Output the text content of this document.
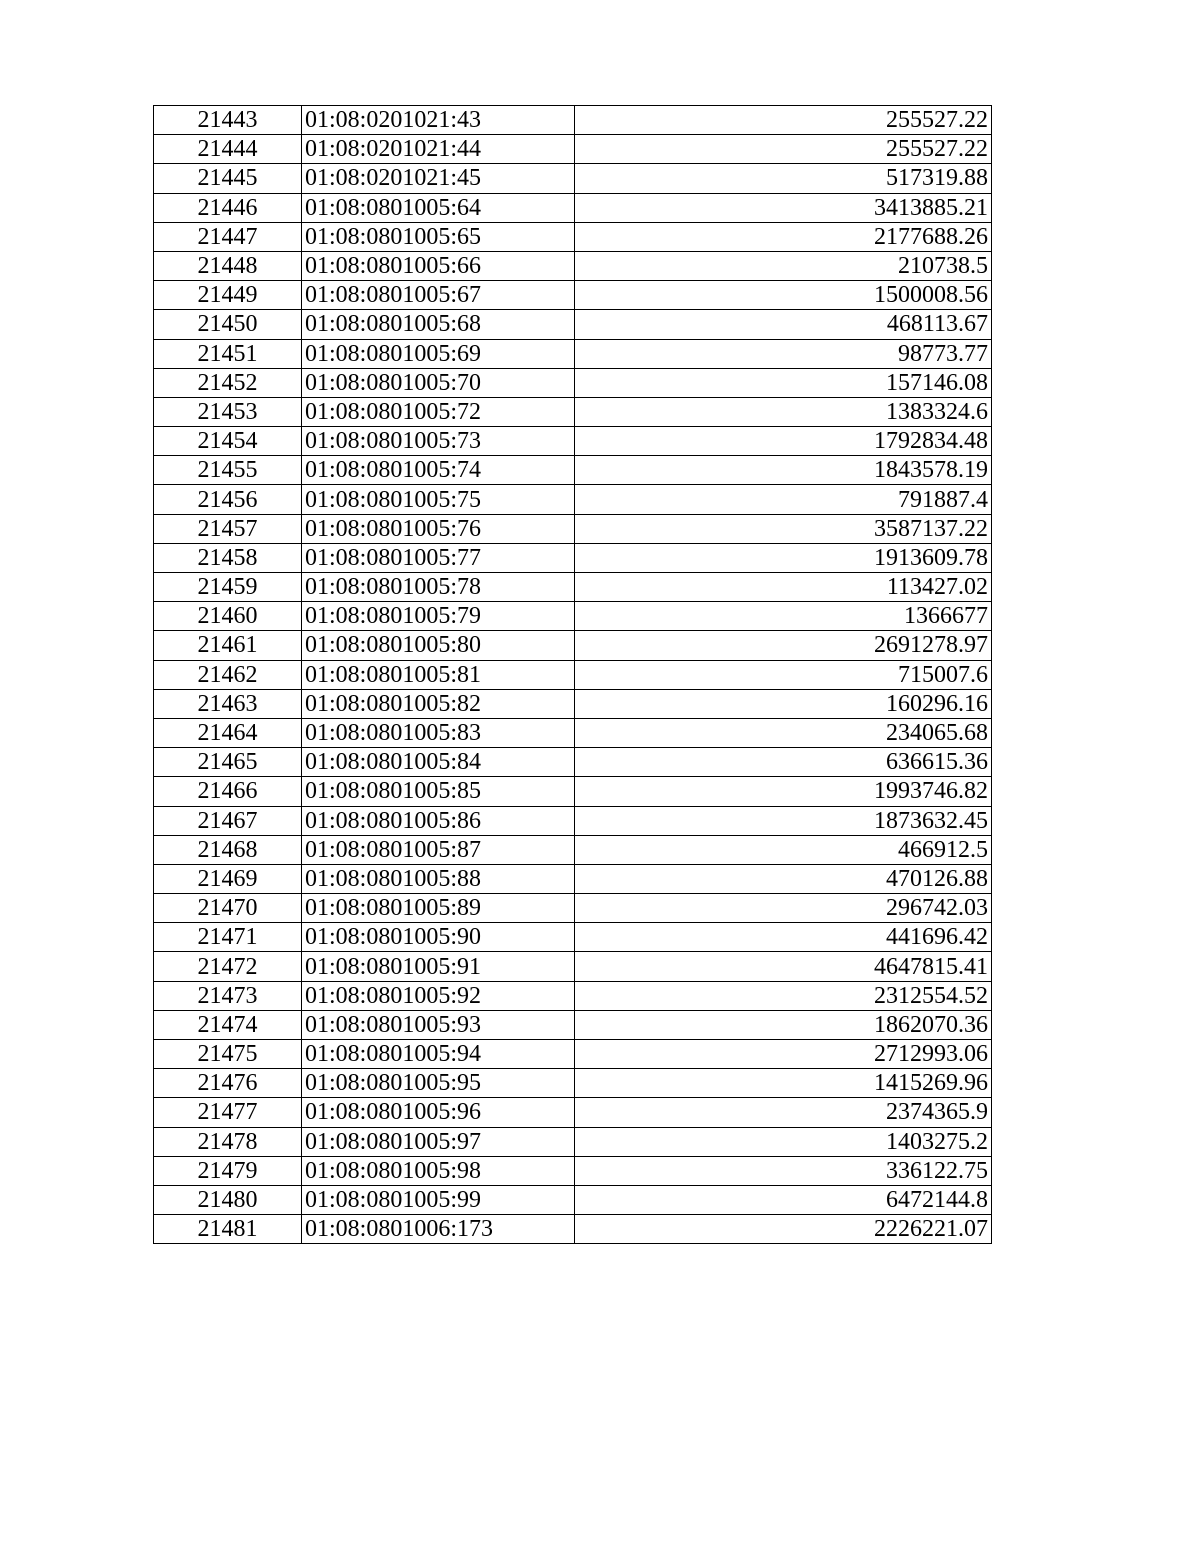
21443	01:08:0201021:43	255527.22
21444	01:08:0201021:44	255527.22
21445	01:08:0201021:45	517319.88
21446	01:08:0801005:64	3413885.21
21447	01:08:0801005:65	2177688.26
21448	01:08:0801005:66	210738.5
21449	01:08:0801005:67	1500008.56
21450	01:08:0801005:68	468113.67
21451	01:08:0801005:69	98773.77
21452	01:08:0801005:70	157146.08
21453	01:08:0801005:72	1383324.6
21454	01:08:0801005:73	1792834.48
21455	01:08:0801005:74	1843578.19
21456	01:08:0801005:75	791887.4
21457	01:08:0801005:76	3587137.22
21458	01:08:0801005:77	1913609.78
21459	01:08:0801005:78	113427.02
21460	01:08:0801005:79	1366677
21461	01:08:0801005:80	2691278.97
21462	01:08:0801005:81	715007.6
21463	01:08:0801005:82	160296.16
21464	01:08:0801005:83	234065.68
21465	01:08:0801005:84	636615.36
21466	01:08:0801005:85	1993746.82
21467	01:08:0801005:86	1873632.45
21468	01:08:0801005:87	466912.5
21469	01:08:0801005:88	470126.88
21470	01:08:0801005:89	296742.03
21471	01:08:0801005:90	441696.42
21472	01:08:0801005:91	4647815.41
21473	01:08:0801005:92	2312554.52
21474	01:08:0801005:93	1862070.36
21475	01:08:0801005:94	2712993.06
21476	01:08:0801005:95	1415269.96
21477	01:08:0801005:96	2374365.9
21478	01:08:0801005:97	1403275.2
21479	01:08:0801005:98	336122.75
21480	01:08:0801005:99	6472144.8
21481	01:08:0801006:173	2226221.07
